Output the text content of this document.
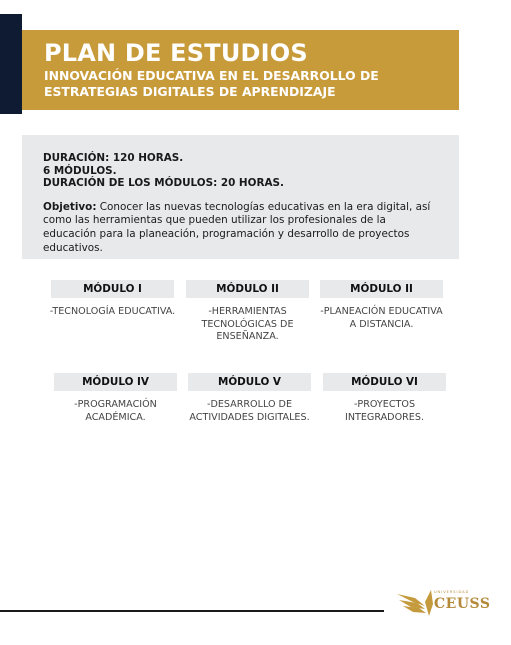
PLAN DE ESTUDIOS
INNOVACIÓN EDUCATIVA EN EL DESARROLLO DE
ESTRATEGIAS DIGITALES DE APRENDIZAJE
DURACIÓN: 120 HORAS.
6 MÓDULOS.
DURACIÓN DE LOS MÓDULOS: 20 HORAS.
Objetivo: Conocer las nuevas tecnologías educativas en la era digital, así como las herramientas que pueden utilizar los profesionales de la educación para la planeación, programación y desarrollo de proyectos educativos.
MÓDULO I
-TECNOLOGÍA EDUCATIVA.
MÓDULO II
-HERRAMIENTAS TECNOLÓGICAS DE ENSEÑANZA.
MÓDULO II
-PLANEACIÓN EDUCATIVA A DISTANCIA.
MÓDULO IV
-PROGRAMACIÓN ACADÉMICA.
MÓDULO V
-DESARROLLO DE ACTIVIDADES DIGITALES.
MÓDULO VI
-PROYECTOS INTEGRADORES.
UNIVERSIDAD
CEUSS
